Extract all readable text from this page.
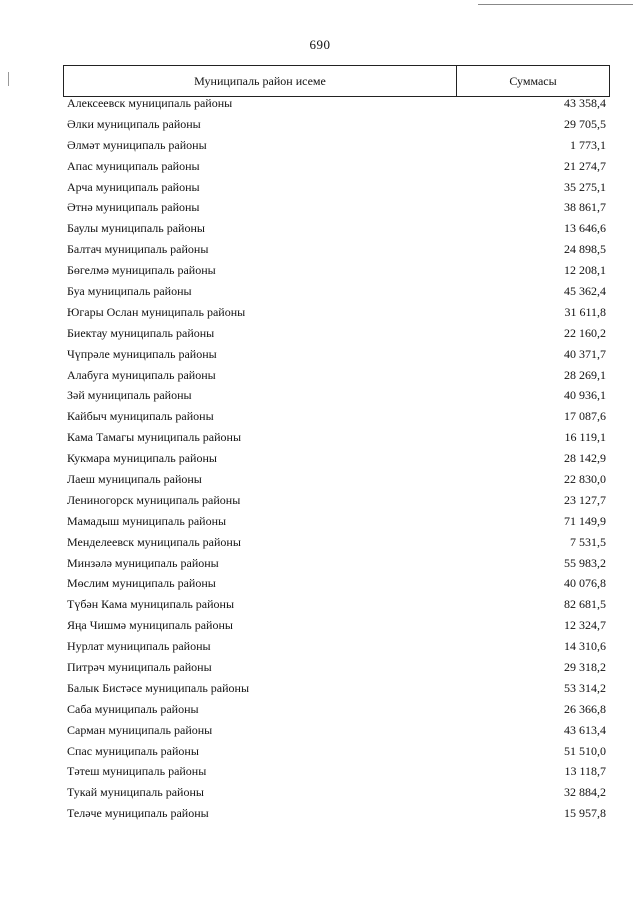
690
Муниципаль район исеме	Суммасы
Алексеевск муниципаль районы	43 358,4
Әлки муниципаль районы	29 705,5
Әлмәт муниципаль районы	1 773,1
Апас муниципаль районы	21 274,7
Арча муниципаль районы	35 275,1
Әтнә муниципаль районы	38 861,7
Баулы муниципаль районы	13 646,6
Балтач муниципаль районы	24 898,5
Бөгелмә муниципаль районы	12 208,1
Буа муниципаль районы	45 362,4
Югары Ослан муниципаль районы	31 611,8
Биектау муниципаль районы	22 160,2
Чүпрәле муниципаль районы	40 371,7
Алабуга муниципаль районы	28 269,1
Зәй муниципаль районы	40 936,1
Кайбыч муниципаль районы	17 087,6
Кама Тамагы муниципаль районы	16 119,1
Кукмара муниципаль районы	28 142,9
Лаеш муниципаль районы	22 830,0
Лениногорск муниципаль районы	23 127,7
Мамадыш муниципаль районы	71 149,9
Менделеевск муниципаль районы	7 531,5
Минзәлә муниципаль районы	55 983,2
Мөслим муниципаль районы	40 076,8
Түбән Кама муниципаль районы	82 681,5
Яңа Чишмә муниципаль районы	12 324,7
Нурлат муниципаль районы	14 310,6
Питрәч муниципаль районы	29 318,2
Балык Бистәсе муниципаль районы	53 314,2
Сабa муниципаль районы	26 366,8
Сарман муниципаль районы	43 613,4
Спас муниципаль районы	51 510,0
Тәтеш муниципаль районы	13 118,7
Тукай муниципаль районы	32 884,2
Теләче муниципаль районы	15 957,8
